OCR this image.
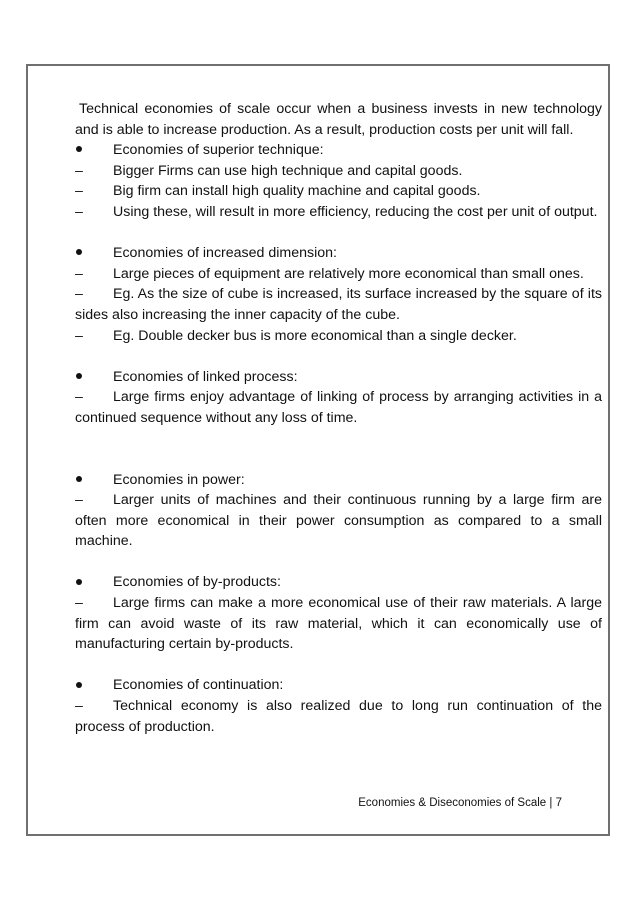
Technical economies of scale occur when a business invests in new technology and is able to increase production. As a result, production costs per unit will fall.

Economies of superior technique:
–	Bigger Firms can use high technique and capital goods.
–	Big firm can install high quality machine and capital goods.
–	Using these, will result in more efficiency, reducing the cost per unit of output.
Economies of increased dimension:
–	Large pieces of equipment are relatively more economical than small ones.
– Eg. As the size of cube is increased, its surface increased by the square of its sides also increasing the inner capacity of the cube.
–	Eg. Double decker bus is more economical than a single decker.
Economies of linked process:
– Large firms enjoy advantage of linking of process by arranging activities in a continued sequence without any loss of time.
Economies in power:
– Larger units of machines and their continuous running by a large firm are often more economical in their power consumption as compared to a small machine.
Economies of by-products:
– Large firms can make a more economical use of their raw materials. A large firm can avoid waste of its raw material, which it can economically use of manufacturing certain by-products.
Economies of continuation:
– Technical economy is also realized due to long run continuation of the process of production.
Economies & Diseconomies of Scale | 7
